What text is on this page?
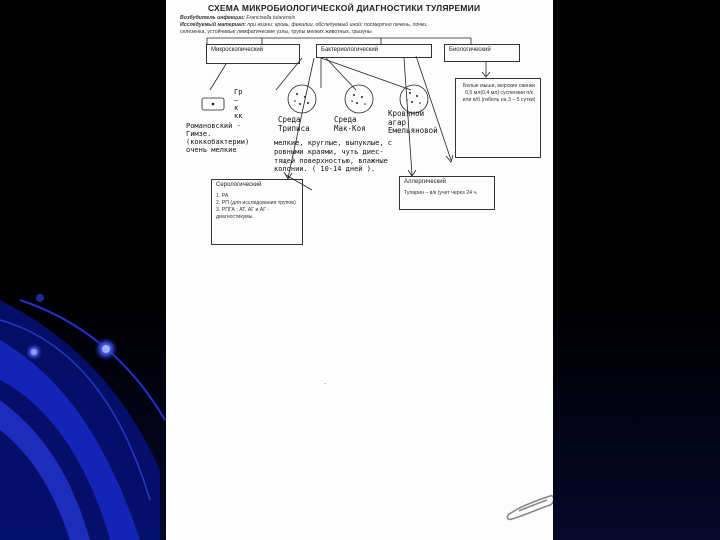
СХЕМА МИКРОБИОЛОГИЧЕСКОЙ ДИАГНОСТИКИ ТУЛЯРЕМИИ
Возбудитель инфекции: Francisella tularensis
Исследуемый материал: при жизни: кровь, фекалии, обследуемый иной: посмертно печень, почки,
селезенка, устойчивые лимфатические узлы, трупы мелких животных, грызуны
Микроскопический	Бактериологический	Биологический
Белые мыши, морские свинки 0,5 мл(0,4 мл) суспензии п/к или в/б (гибель на 3 – 5 сутки)
Гр
–
к
кк
Романовский -
Гимзе.
(коккобактерии)
очень мелкие
Среда
Триписа
Среда
Мак-Коя
Кровяной
агар
Емельяновой
мелкие, круглые, выпуклые, с
ровными краями, чуть диес-
тящей поверхностью, влажные
колонии. ( 10-14 дней ).
Серологический
1. РА
2. РП (для исследования трупов)
3. РПГА ; АТ, АГ и АГ - диагностикумы.
Аллергический
Туларин – в/к (учет через 24 ч.
.
